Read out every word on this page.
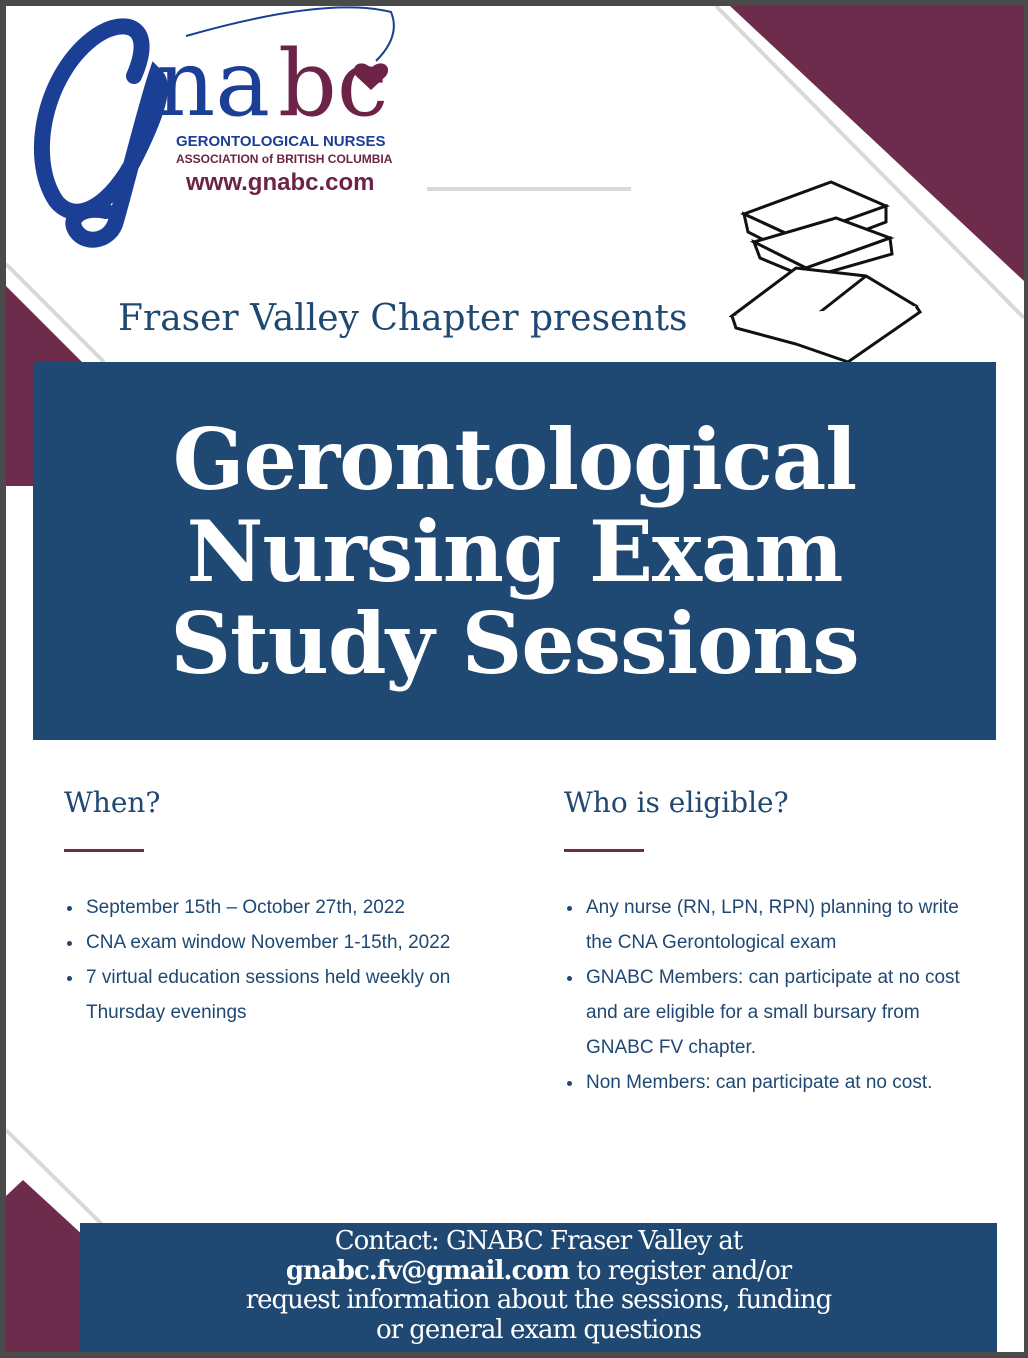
na bc
GERONTOLOGICAL NURSES
ASSOCIATION of BRITISH COLUMBIA
www.gnabc.com
Fraser Valley Chapter presents
Gerontological
Nursing Exam
Study Sessions
When?
• September 15th – October 27th, 2022
• CNA exam window November 1-15th, 2022
• 7 virtual education sessions held weekly on Thursday evenings
Who is eligible?
• Any nurse (RN, LPN, RPN) planning to write the CNA Gerontological exam
• GNABC Members: can participate at no cost and are eligible for a small bursary from GNABC FV chapter.
• Non Members: can participate at no cost.
Contact: GNABC Fraser Valley at
gnabc.fv@gmail.com to register and/or
request information about the sessions, funding
or general exam questions
